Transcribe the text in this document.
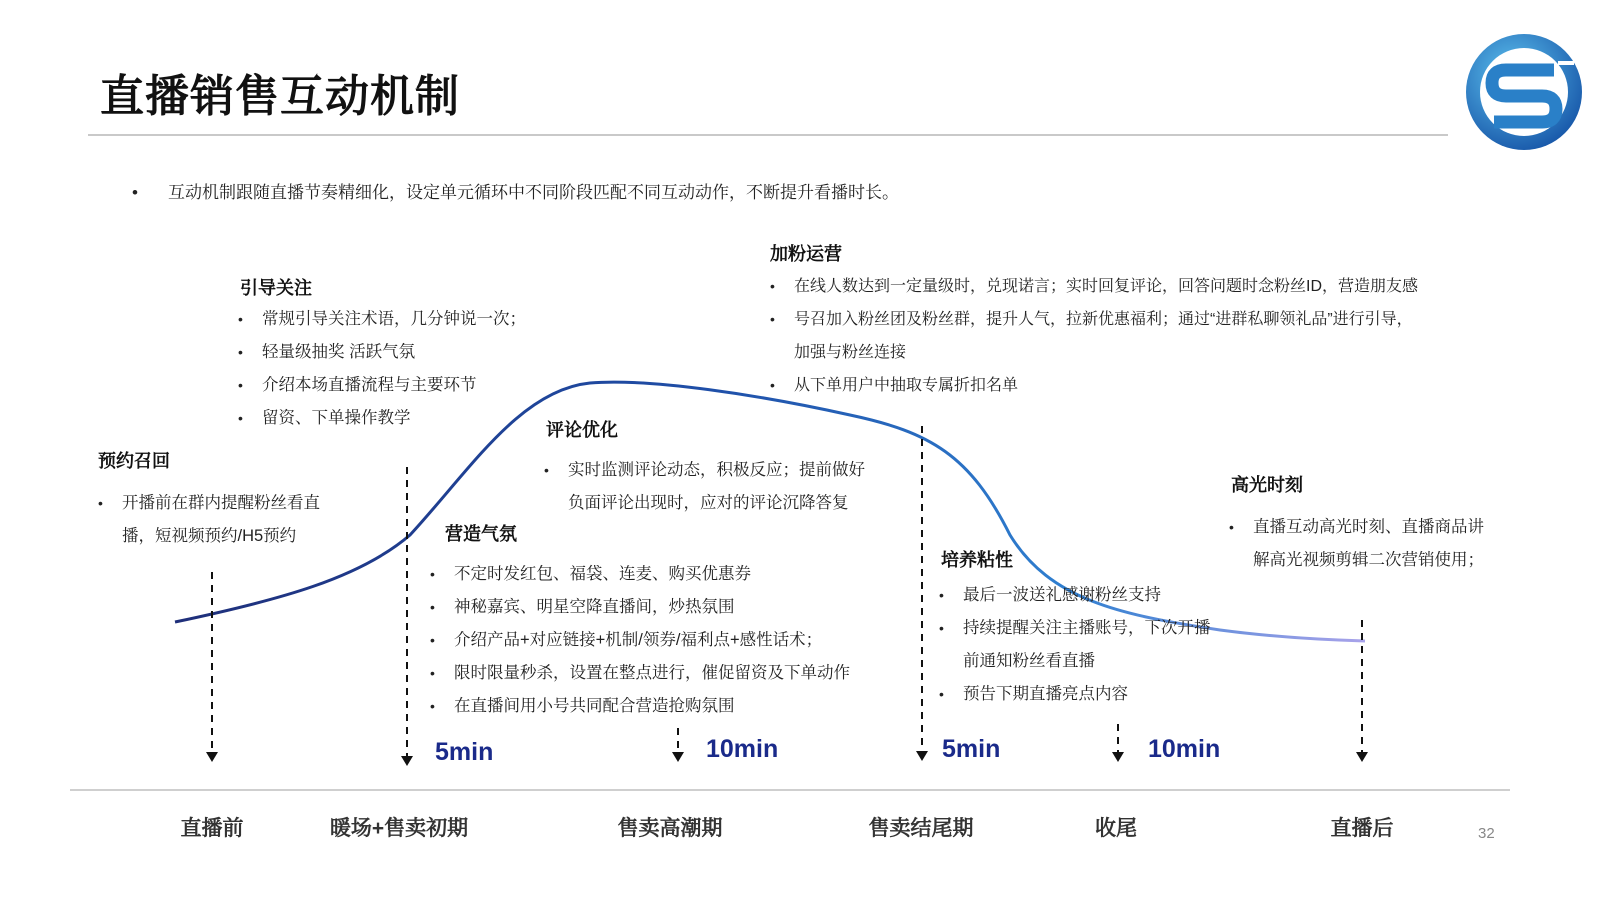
直播销售互动机制
• 互动机制跟随直播节奏精细化，设定单元循环中不同阶段匹配不同互动动作，不断提升看播时长。
预约召回
• 开播前在群内提醒粉丝看直
播，短视频预约/H5预约
引导关注
• 常规引导关注术语，几分钟说一次；
• 轻量级抽奖 活跃气氛
• 介绍本场直播流程与主要环节
• 留资、下单操作教学
营造气氛
• 不定时发红包、福袋、连麦、购买优惠券
• 神秘嘉宾、明星空降直播间，炒热氛围
• 介绍产品+对应链接+机制/领券/福利点+感性话术；
• 限时限量秒杀，设置在整点进行，催促留资及下单动作
• 在直播间用小号共同配合营造抢购氛围
评论优化
• 实时监测评论动态，积极反应；提前做好
负面评论出现时，应对的评论沉降答复
加粉运营
• 在线人数达到一定量级时，兑现诺言；实时回复评论，回答问题时念粉丝ID，营造朋友感
• 号召加入粉丝团及粉丝群，提升人气，拉新优惠福利；通过“进群私聊领礼品”进行引导，
加强与粉丝连接
• 从下单用户中抽取专属折扣名单
培养粘性
• 最后一波送礼感谢粉丝支持
• 持续提醒关注主播账号，下次开播
前通知粉丝看直播
• 预告下期直播亮点内容
高光时刻
• 直播互动高光时刻、直播商品讲
解高光视频剪辑二次营销使用；
5min	10min	5min	10min
直播前	暖场+售卖初期	售卖高潮期	售卖结尾期	收尾	直播后	32
